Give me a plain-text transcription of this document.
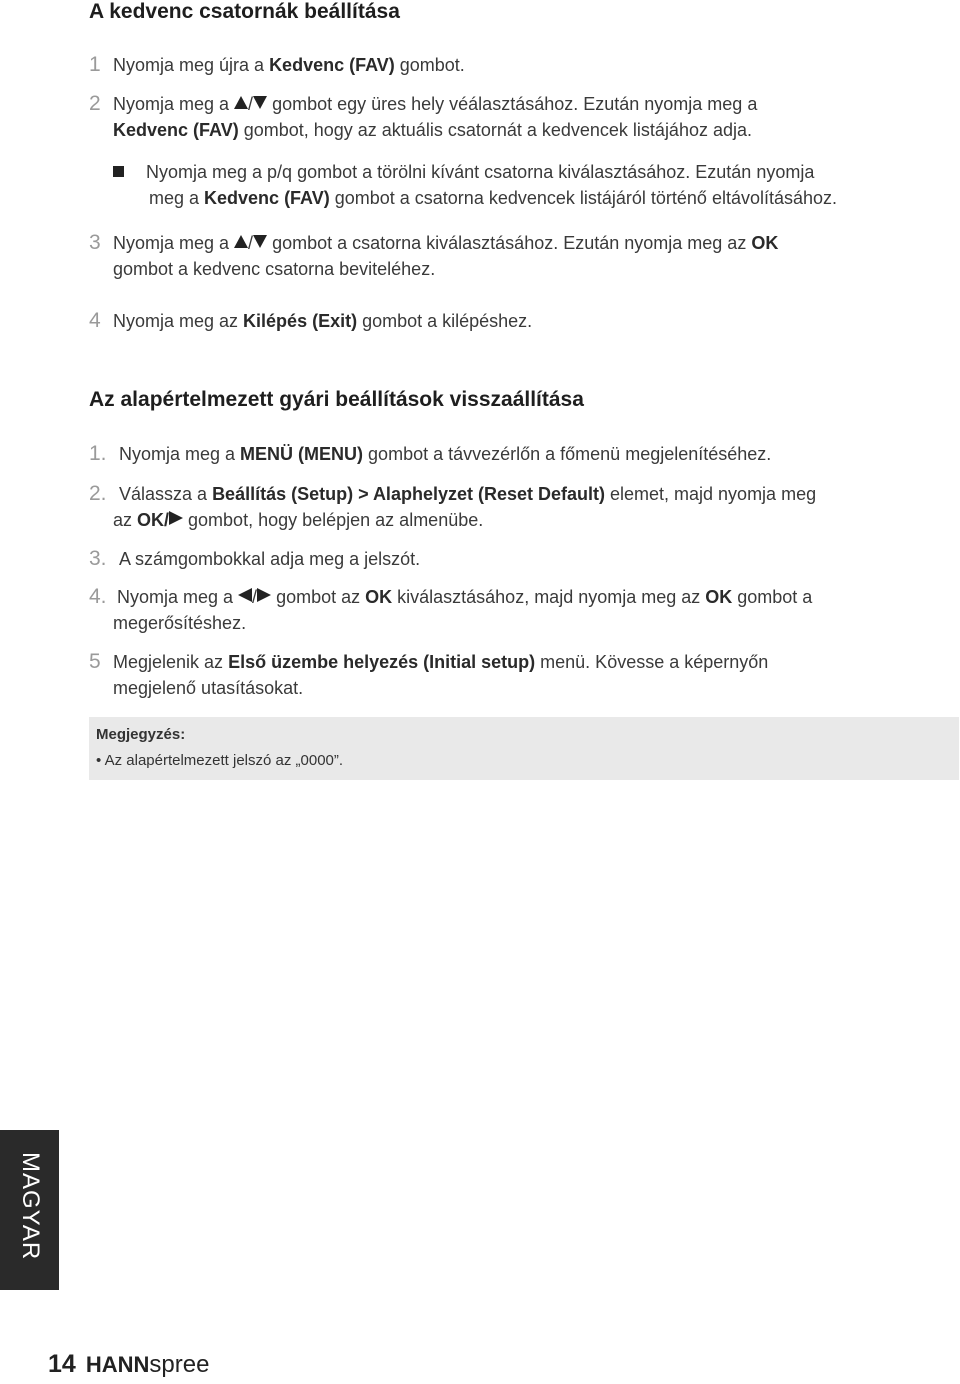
A kedvenc csatornák beállítása
1 Nyomja meg újra a Kedvenc (FAV) gombot.
2 Nyomja meg a / gombot egy üres hely véálasztásához. Ezután nyomja meg a
Kedvenc (FAV) gombot, hogy az aktuális csatornát a kedvencek listájához adja.
Nyomja meg a p/q gombot a törölni kívánt csatorna kiválasztásához. Ezután nyomja
meg a Kedvenc (FAV) gombot a csatorna kedvencek listájáról történő eltávolításához.
3 Nyomja meg a / gombot a csatorna kiválasztásához. Ezután nyomja meg az OK
gombot a kedvenc csatorna beviteléhez.
4 Nyomja meg az Kilépés (Exit) gombot a kilépéshez.
Az alapértelmezett gyári beállítások visszaállítása
1. Nyomja meg a MENÜ (MENU) gombot a távvezérlőn a főmenü megjelenítéséhez.
2. Válassza a Beállítás (Setup) > Alaphelyzet (Reset Default) elemet, majd nyomja meg
az OK/ gombot, hogy belépjen az almenübe.
3. A számgombokkal adja meg a jelszót.
4. Nyomja meg a / gombot az OK kiválasztásához, majd nyomja meg az OK gombot a
megerősítéshez.
5 Megjelenik az Első üzembe helyezés (Initial setup) menü. Kövesse a képernyőn
megjelenő utasításokat.
Megjegyzés:
• Az alapértelmezett jelszó az „0000”.
MAGYAR
14 HANNspree
